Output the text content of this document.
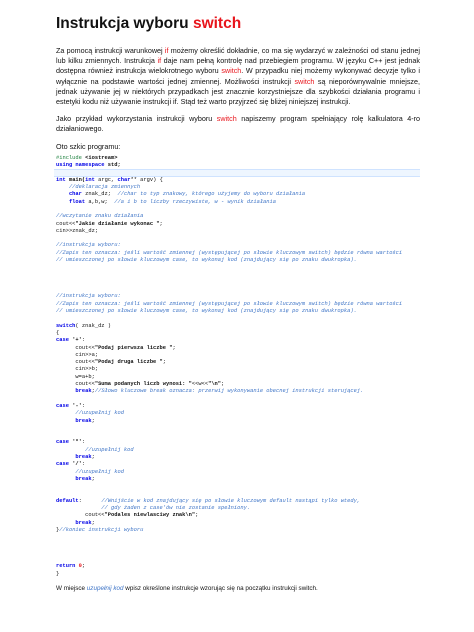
Instrukcja wyboru switch

Za pomocą instrukcji warunkowej if możemy określić dokładnie, co ma się wydarzyć w zależności od stanu jednej lub kilku zmiennych. Instrukcja if daje nam pełną kontrolę nad przebiegiem programu. W języku C++ jest jednak dostępna również instrukcja wielokrotnego wyboru switch. W przypadku niej możemy wykonywać decyzje tylko i wyłącznie na podstawie wartości jednej zmiennej. Możliwości instrukcji switch są nieporównywalnie mniejsze, jednak używanie jej w niektórych przypadkach jest znacznie korzystniejsze dla szybkości działania programu i estetyki kodu niż używanie instrukcji if. Stąd też warto przyjrzeć się bliżej niniejszej instrukcji.

Jako przykład wykorzystania instrukcji wyboru switch napiszemy program spełniający rolę kalkulatora 4-ro działaniowego.

Oto szkic programu:

#include <iostream>
using namespace std;
int main(int argc, char** argv) {
//deklaracja zmiennych
char znak_dz;  //char to typ znakowy, którego użyjemy do wyboru działania
float a,b,w;  //a i b to liczby rzeczywiste, w - wynik działania
//wczytanie znaku działania
cout<<"Jakie działanie wykonac ";
cin>>znak_dz;
//instrukcja wyboru:
//Zapis ten oznacza: jeśli wartość zmiennej (występującej po słowie kluczowym switch) będzie równa wartości
// umieszczonej po słowie kluczowym case, to wykonaj kod (znajdujący się po znaku dwukropka).
//instrukcja wyboru:
//Zapis ten oznacza: jeśli wartość zmiennej (występującej po słowie kluczowym switch) będzie równa wartości
// umieszczonej po słowie kluczowym case, to wykonaj kod (znajdujący się po znaku dwukropka).
switch( znak_dz )
{
case '+':
cout<<"Podaj pierwsza liczbe ";
cin>>a;
cout<<"Podaj druga liczbe ";
cin>>b;
w=a+b;
cout<<"Suma podanych liczb wynosi: "<<w<<"\n";
break;//Słowo kluczowe break oznacza: przerwij wykonywanie obecnej instrukcji sterującej.
case '-':
//uzupełnij kod
break;
case '*':
//uzupełnij kod
break;
case '/':
//uzupełnij kod
break;
default:      //Wnijście w kod znajdujący się po słowie kluczowym default nastąpi tylko wtedy,
// gdy żaden z case'ów nie zostanie spełniony.
cout<<"Podales niewlasciwy znak\n";
break;
}//koniec instrukcji wyboru
return 0;
}

W miejsce uzupełnij kod wpisz określone instrukcje wzorując się na początku instrukcji switch.
